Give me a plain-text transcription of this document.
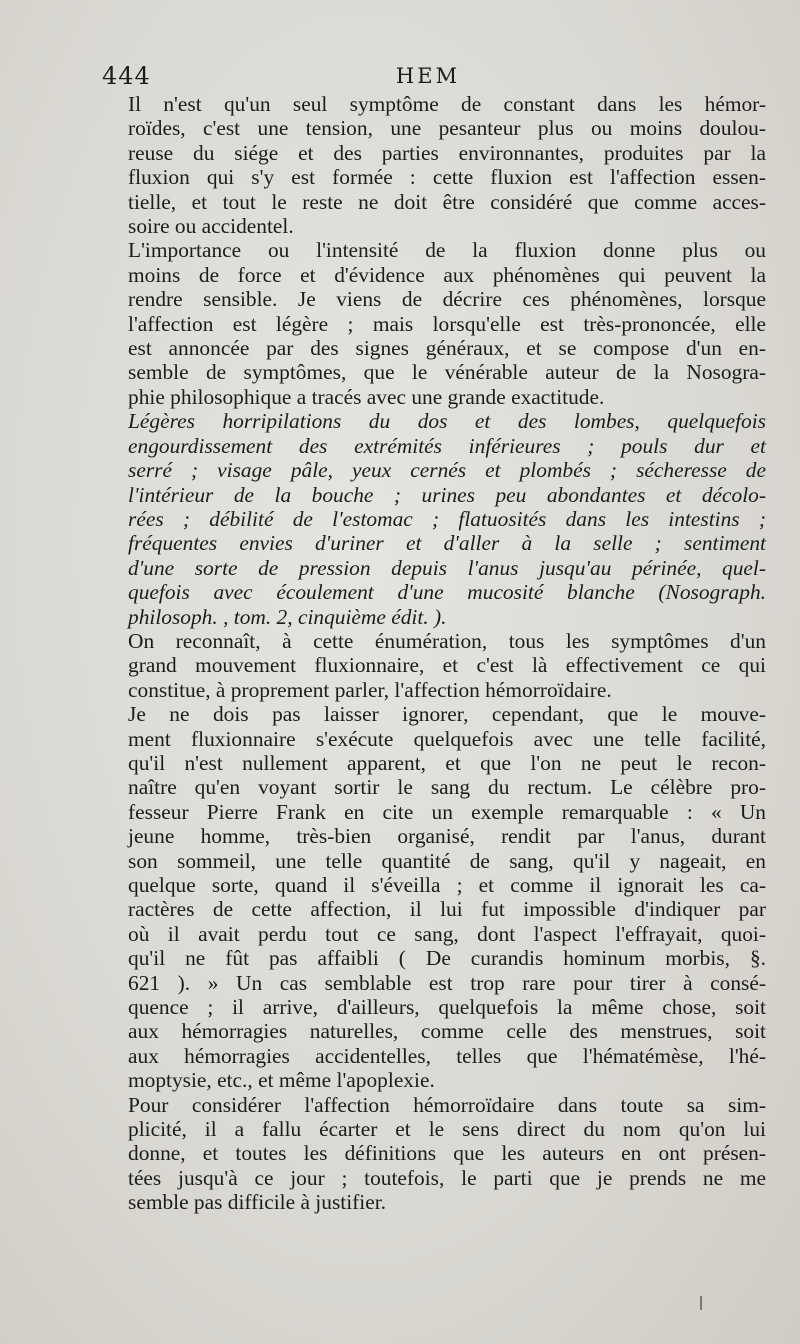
444	HEM

Il n'est qu'un seul symptôme de constant dans les hémor-
roïdes, c'est une tension, une pesanteur plus ou moins doulou-
reuse du siége et des parties environnantes, produites par la
fluxion qui s'y est formée : cette fluxion est l'affection essen-
tielle, et tout le reste ne doit être considéré que comme acces-
soire ou accidentel.

L'importance ou l'intensité de la fluxion donne plus ou
moins de force et d'évidence aux phénomènes qui peuvent la
rendre sensible. Je viens de décrire ces phénomènes, lorsque
l'affection est légère ; mais lorsqu'elle est très-prononcée, elle
est annoncée par des signes généraux, et se compose d'un en-
semble de symptômes, que le vénérable auteur de la Nosogra-
phie philosophique a tracés avec une grande exactitude.

Légères horripilations du dos et des lombes, quelquefois
engourdissement des extrémités inférieures ; pouls dur et
serré ; visage pâle, yeux cernés et plombés ; sécheresse de
l'intérieur de la bouche ; urines peu abondantes et décolo-
rées ; débilité de l'estomac ; flatuosités dans les intestins ;
fréquentes envies d'uriner et d'aller à la selle ; sentiment
d'une sorte de pression depuis l'anus jusqu'au périnée, quel-
quefois avec écoulement d'une mucosité blanche (Nosograph.
philosoph. , tom. 2, cinquième édit. ).

On reconnaît, à cette énumération, tous les symptômes d'un
grand mouvement fluxionnaire, et c'est là effectivement ce qui
constitue, à proprement parler, l'affection hémorroïdaire.

Je ne dois pas laisser ignorer, cependant, que le mouve-
ment fluxionnaire s'exécute quelquefois avec une telle facilité,
qu'il n'est nullement apparent, et que l'on ne peut le recon-
naître qu'en voyant sortir le sang du rectum. Le célèbre pro-
fesseur Pierre Frank en cite un exemple remarquable : « Un
jeune homme, très-bien organisé, rendit par l'anus, durant
son sommeil, une telle quantité de sang, qu'il y nageait, en
quelque sorte, quand il s'éveilla ; et comme il ignorait les ca-
ractères de cette affection, il lui fut impossible d'indiquer par
où il avait perdu tout ce sang, dont l'aspect l'effrayait, quoi-
qu'il ne fût pas affaibli ( De curandis hominum morbis, §.
621 ). » Un cas semblable est trop rare pour tirer à consé-
quence ; il arrive, d'ailleurs, quelquefois la même chose, soit
aux hémorragies naturelles, comme celle des menstrues, soit
aux hémorragies accidentelles, telles que l'hématémèse, l'hé-
moptysie, etc., et même l'apoplexie.

Pour considérer l'affection hémorroïdaire dans toute sa sim-
plicité, il a fallu écarter et le sens direct du nom qu'on lui
donne, et toutes les définitions que les auteurs en ont présen-
tées jusqu'à ce jour ; toutefois, le parti que je prends ne me
semble pas difficile à justifier.
